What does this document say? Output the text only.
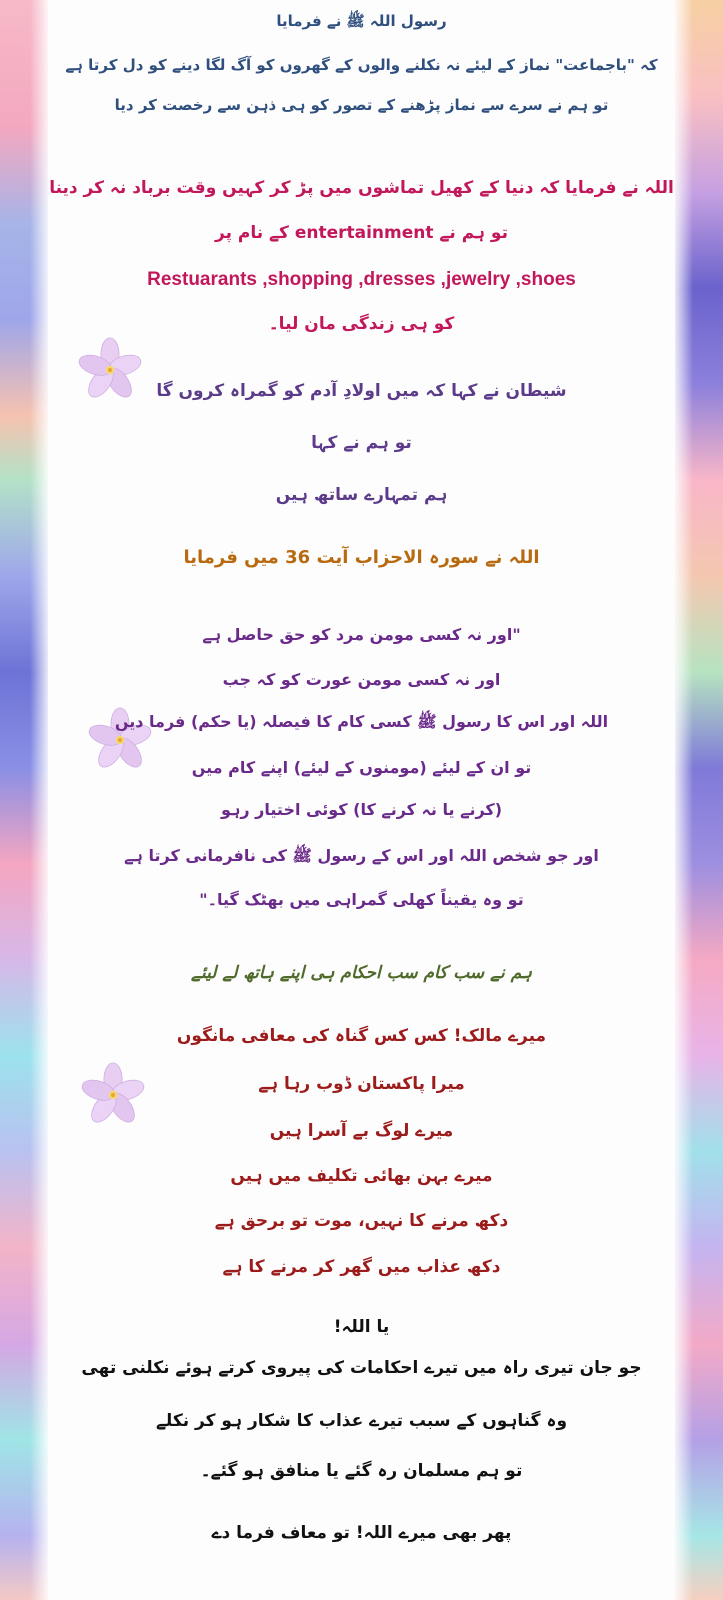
رسول اللہ ﷺ نے فرمایا
کہ "باجماعت" نماز کے لیئے نہ نکلنے والوں کے گھروں کو آگ لگا دینے کو دل کرتا ہے
تو ہم نے سرے سے نماز پڑھنے کے تصور کو ہی ذہن سے رخصت کر دیا
اللہ نے فرمایا کہ دنیا کے کھیل تماشوں میں پڑ کر کہیں وقت برباد نہ کر دینا
تو ہم نے entertainment کے نام پر
Restuarants ,shopping ,dresses ,jewelry ,shoes
کو ہی زندگی مان لیا۔
شیطان نے کہا کہ میں اولادِ آدم کو گمراہ کروں گا
تو ہم نے کہا
ہم تمہارے ساتھ ہیں
اللہ نے سورہ الاحزاب آیت 36 میں فرمایا
"اور نہ کسی مومن مرد کو حق حاصل ہے
اور نہ کسی مومن عورت کو کہ جب
اللہ اور اس کا رسول ﷺ کسی کام کا فیصلہ (یا حکم) فرما دیں
تو ان کے لیئے (مومنوں کے لیئے) اپنے کام میں
(کرنے یا نہ کرنے کا) کوئی اختیار رہو
اور جو شخص اللہ اور اس کے رسول ﷺ کی نافرمانی کرتا ہے
تو وہ یقیناً کھلی گمراہی میں بھٹک گیا۔"
ہم نے سب کام سب احکام ہی اپنے ہاتھ لے لیئے
میرے مالک! کس کس گناہ کی معافی مانگوں
میرا پاکستان ڈوب رہا ہے
میرے لوگ بے آسرا ہیں
میرے بہن بھائی تکلیف میں ہیں
دکھ مرنے کا نہیں، موت تو برحق ہے
دکھ عذاب میں گھر کر مرنے کا ہے
یا اللہ!
جو جان تیری راہ میں تیرے احکامات کی پیروی کرتے ہوئے نکلنی تھی
وہ گناہوں کے سبب تیرے عذاب کا شکار ہو کر نکلے
تو ہم مسلمان رہ گئے یا منافق ہو گئے۔
پھر بھی میرے اللہ! تو معاف فرما دے
